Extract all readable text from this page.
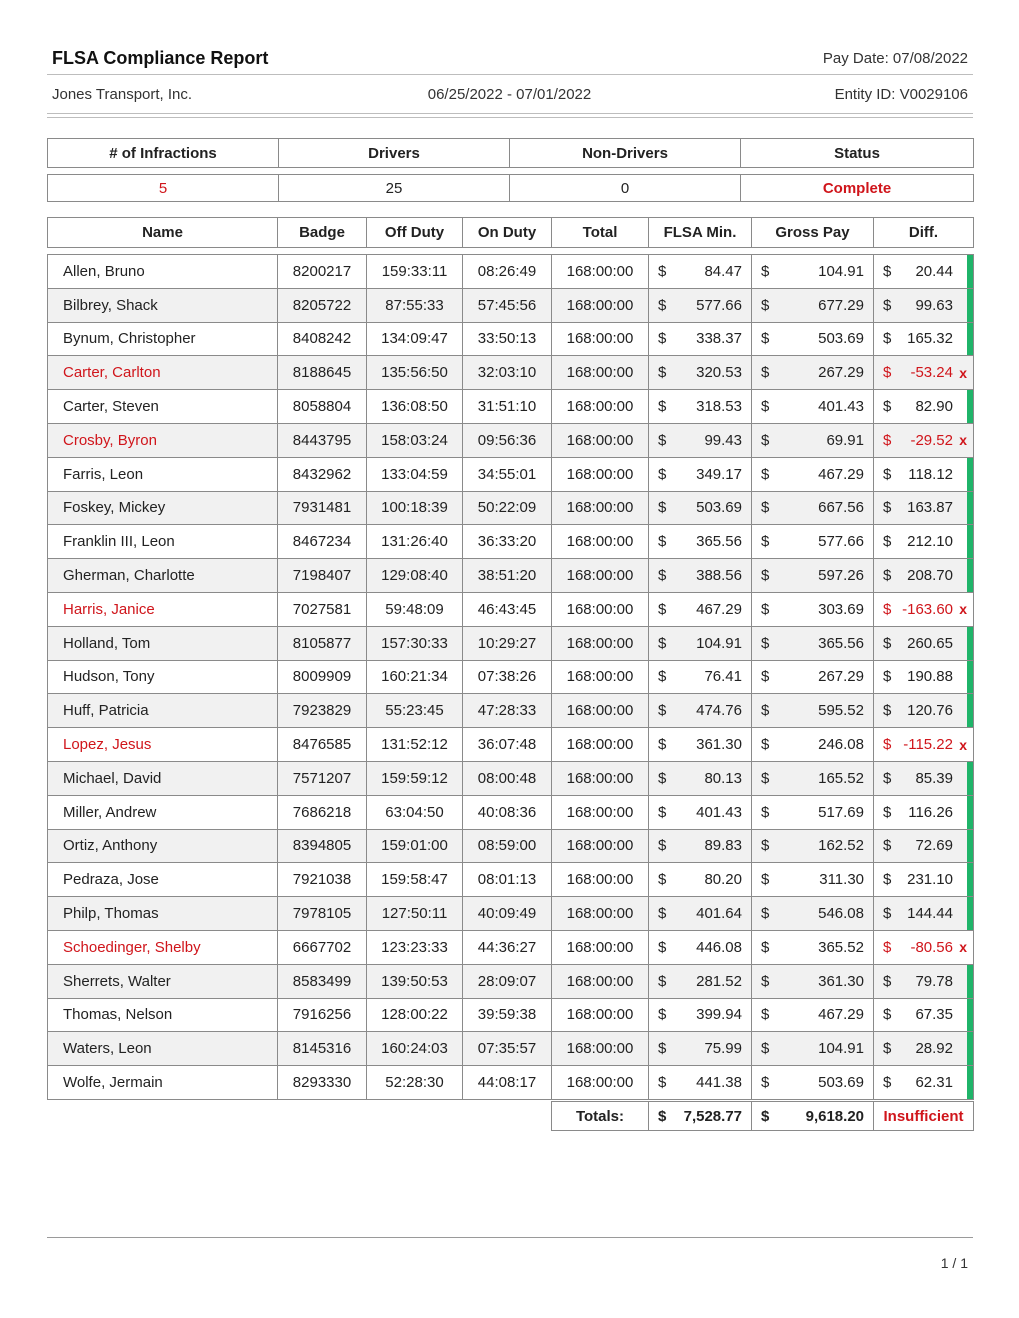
FLSA Compliance Report	Pay Date: 07/08/2022
Jones Transport, Inc.	06/25/2022 - 07/01/2022	Entity ID: V0029106
# of Infractions	Drivers	Non-Drivers	Status

5	25	0	Complete
Name	Badge	Off Duty	On Duty	Total	FLSA Min.	Gross Pay	Diff.

Allen, Bruno	8200217	159:33:11	08:26:49	168:00:00	$ 84.47	$ 104.91	$ 20.44

Bilbrey, Shack	8205722	87:55:33	57:45:56	168:00:00	$ 577.66	$ 677.29	$ 99.63

Bynum, Christopher	8408242	134:09:47	33:50:13	168:00:00	$ 338.37	$ 503.69	$ 165.32

Carter, Carlton	8188645	135:56:50	32:03:10	168:00:00	$ 320.53	$ 267.29	$ -53.24 x

Carter, Steven	8058804	136:08:50	31:51:10	168:00:00	$ 318.53	$ 401.43	$ 82.90

Crosby, Byron	8443795	158:03:24	09:56:36	168:00:00	$ 99.43	$ 69.91	$ -29.52 x

Farris, Leon	8432962	133:04:59	34:55:01	168:00:00	$ 349.17	$ 467.29	$ 118.12

Foskey, Mickey	7931481	100:18:39	50:22:09	168:00:00	$ 503.69	$ 667.56	$ 163.87

Franklin III, Leon	8467234	131:26:40	36:33:20	168:00:00	$ 365.56	$ 577.66	$ 212.10

Gherman, Charlotte	7198407	129:08:40	38:51:20	168:00:00	$ 388.56	$ 597.26	$ 208.70

Harris, Janice	7027581	59:48:09	46:43:45	168:00:00	$ 467.29	$ 303.69	$ -163.60 x

Holland, Tom	8105877	157:30:33	10:29:27	168:00:00	$ 104.91	$ 365.56	$ 260.65

Hudson, Tony	8009909	160:21:34	07:38:26	168:00:00	$ 76.41	$ 267.29	$ 190.88

Huff, Patricia	7923829	55:23:45	47:28:33	168:00:00	$ 474.76	$ 595.52	$ 120.76

Lopez, Jesus	8476585	131:52:12	36:07:48	168:00:00	$ 361.30	$ 246.08	$ -115.22 x

Michael, David	7571207	159:59:12	08:00:48	168:00:00	$ 80.13	$ 165.52	$ 85.39

Miller, Andrew	7686218	63:04:50	40:08:36	168:00:00	$ 401.43	$ 517.69	$ 116.26

Ortiz, Anthony	8394805	159:01:00	08:59:00	168:00:00	$ 89.83	$ 162.52	$ 72.69

Pedraza, Jose	7921038	159:58:47	08:01:13	168:00:00	$ 80.20	$ 311.30	$ 231.10

Philp, Thomas	7978105	127:50:11	40:09:49	168:00:00	$ 401.64	$ 546.08	$ 144.44

Schoedinger, Shelby	6667702	123:23:33	44:36:27	168:00:00	$ 446.08	$ 365.52	$ -80.56 x

Sherrets, Walter	8583499	139:50:53	28:09:07	168:00:00	$ 281.52	$ 361.30	$ 79.78

Thomas, Nelson	7916256	128:00:22	39:59:38	168:00:00	$ 399.94	$ 467.29	$ 67.35

Waters, Leon	8145316	160:24:03	07:35:57	168:00:00	$ 75.99	$ 104.91	$ 28.92

Wolfe, Jermain	8293330	52:28:30	44:08:17	168:00:00	$ 441.38	$ 503.69	$ 62.31
Totals:	$ 7,528.77	$ 9,618.20	Insufficient
1 / 1
